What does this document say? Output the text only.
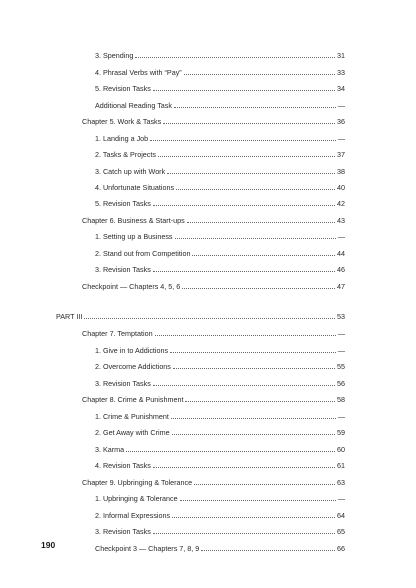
3. Spending	31
4. Phrasal Verbs with “Pay”	33
5. Revision Tasks	34
Additional Reading Task	—
Chapter 5. Work & Tasks	36
1. Landing a Job	—
2. Tasks & Projects	37
3. Catch up with Work	38
4. Unfortunate Situations	40
5. Revision Tasks	42
Chapter 6. Business & Start-ups	43
1. Setting up a Business	—
2. Stand out from Competition	44
3. Revision Tasks	46
Checkpoint — Chapters 4, 5, 6	47
PART III	53
Chapter 7. Temptation	—
1. Give in to Addictions	—
2. Overcome Addictions	55
3. Revision Tasks	56
Chapter 8. Crime & Punishment	58
1. Crime & Punishment	—
2. Get Away with Crime	59
3. Karma	60
4. Revision Tasks	61
Chapter 9. Upbringing & Tolerance	63
1. Upbringing & Tolerance	—
2. Informal Expressions	64
3. Revision Tasks	65
Checkpoint 3 — Chapters 7, 8, 9	66
190
